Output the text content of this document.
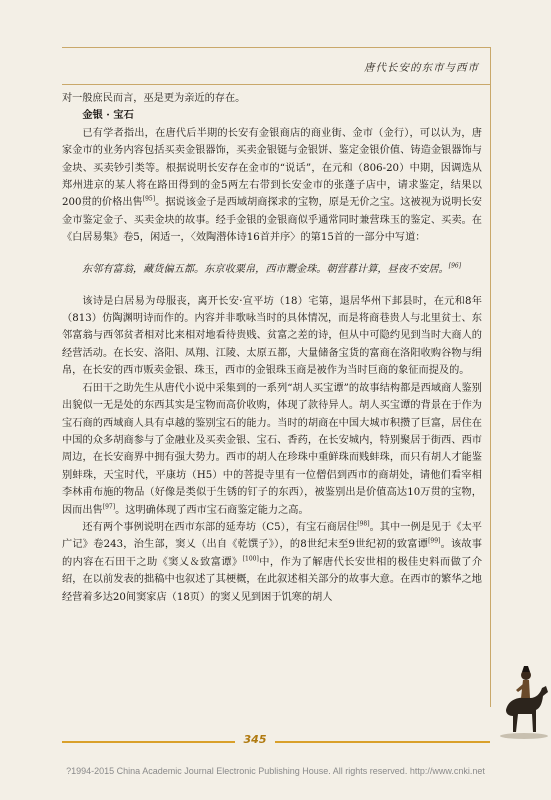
唐代长安的东市与西市

对一般庶民而言，巫是更为亲近的存在。

金银 · 宝石

已有学者指出，在唐代后半期的长安有金银商店的商业街、金市（金行），可以认为，唐家金市的业务内容包括买卖金银器饰，买卖金银铤与金银饼、鉴定金银价值、铸造金银器饰与金块、买卖钞引类等。根据说明长安存在金市的“说话”，在元和（806-20）中期，因调选从郑州进京的某人将在路田得到的金5两左右带到长安金市的张蓬子店中，请求鉴定，结果以200贯的价格出售[95]。据说该金子是西域胡商探求的宝物，原是无价之宝。这被视为说明长安金市鉴定金子、买卖金块的故事。经手金银的金银商似乎通常同时兼营珠玉的鉴定、买卖。在《白居易集》卷5，闲适一，〈效陶潜体诗16首并序〉的第15首的一部分中写道：

东邻有富翁，藏货偏五都。东京收粟帛，西市鬻金珠。朝营暮计算，昼夜不安居。[96]

该诗是白居易为母服丧，离开长安·宣平坊（18）宅第，退居华州下邽县时，在元和8年（813）仿陶渊明诗而作的。内容并非歌咏当时的具体情况，而是将商巷贵人与北里贫士、东邻富翁与西邻贫者相对比来相对地看待贵贱、贫富之差的诗，但从中可隐约见到当时大商人的经营活动。在长安、洛阳、凤翔、江陵、太原五都，大量储备宝货的富商在洛阳收购谷物与绢帛，在长安的西市贩卖金银、珠玉，西市的金银珠玉商是被作为当时巨商的象征而提及的。

石田干之助先生从唐代小说中采集到的一系列“胡人买宝谭”的故事结构都是西域商人鉴别出貌似一无是处的东西其实是宝物而高价收购，体现了款待异人。胡人买宝谭的背景在于作为宝石商的西域商人具有卓越的鉴别宝石的能力。当时的胡商在中国大城市积攒了巨富，居住在中国的众多胡商参与了金融业及买卖金银、宝石、香药，在长安城内，特别聚居于街西、西市周边，在长安商界中拥有强大势力。西市的胡人在珍珠中重鲜珠而贱蚌珠，而只有胡人才能鉴别蚌珠，天宝时代，平康坊（H5）中的菩提寺里有一位僧侣到西市的商胡处，请他们看宰相李林甫布施的物品（好像是类似于生锈的钉子的东西），被鉴别出是价值高达10万贯的宝物，因而出售[97]。这明确体现了西市宝石商鉴定能力之高。

还有两个事例说明在西市东部的延寿坊（C5），有宝石商居住[98]。其中一例是见于《太平广记》卷243，治生部，窦乂（出自《乾馔子》），的8世纪末至9世纪初的致富谭[99]。该故事的内容在石田干之助《窦乂＆致富谭》[100]中，作为了解唐代长安世相的极佳史料而做了介绍，在以前发表的拙稿中也叙述了其梗概，在此叙述相关部分的故事大意。在西市的繁华之地经营着多达20间窦家店（18页）的窦乂见到困于饥寒的胡人

345
?1994-2015 China Academic Journal Electronic Publishing House. All rights reserved. http://www.cnki.net
